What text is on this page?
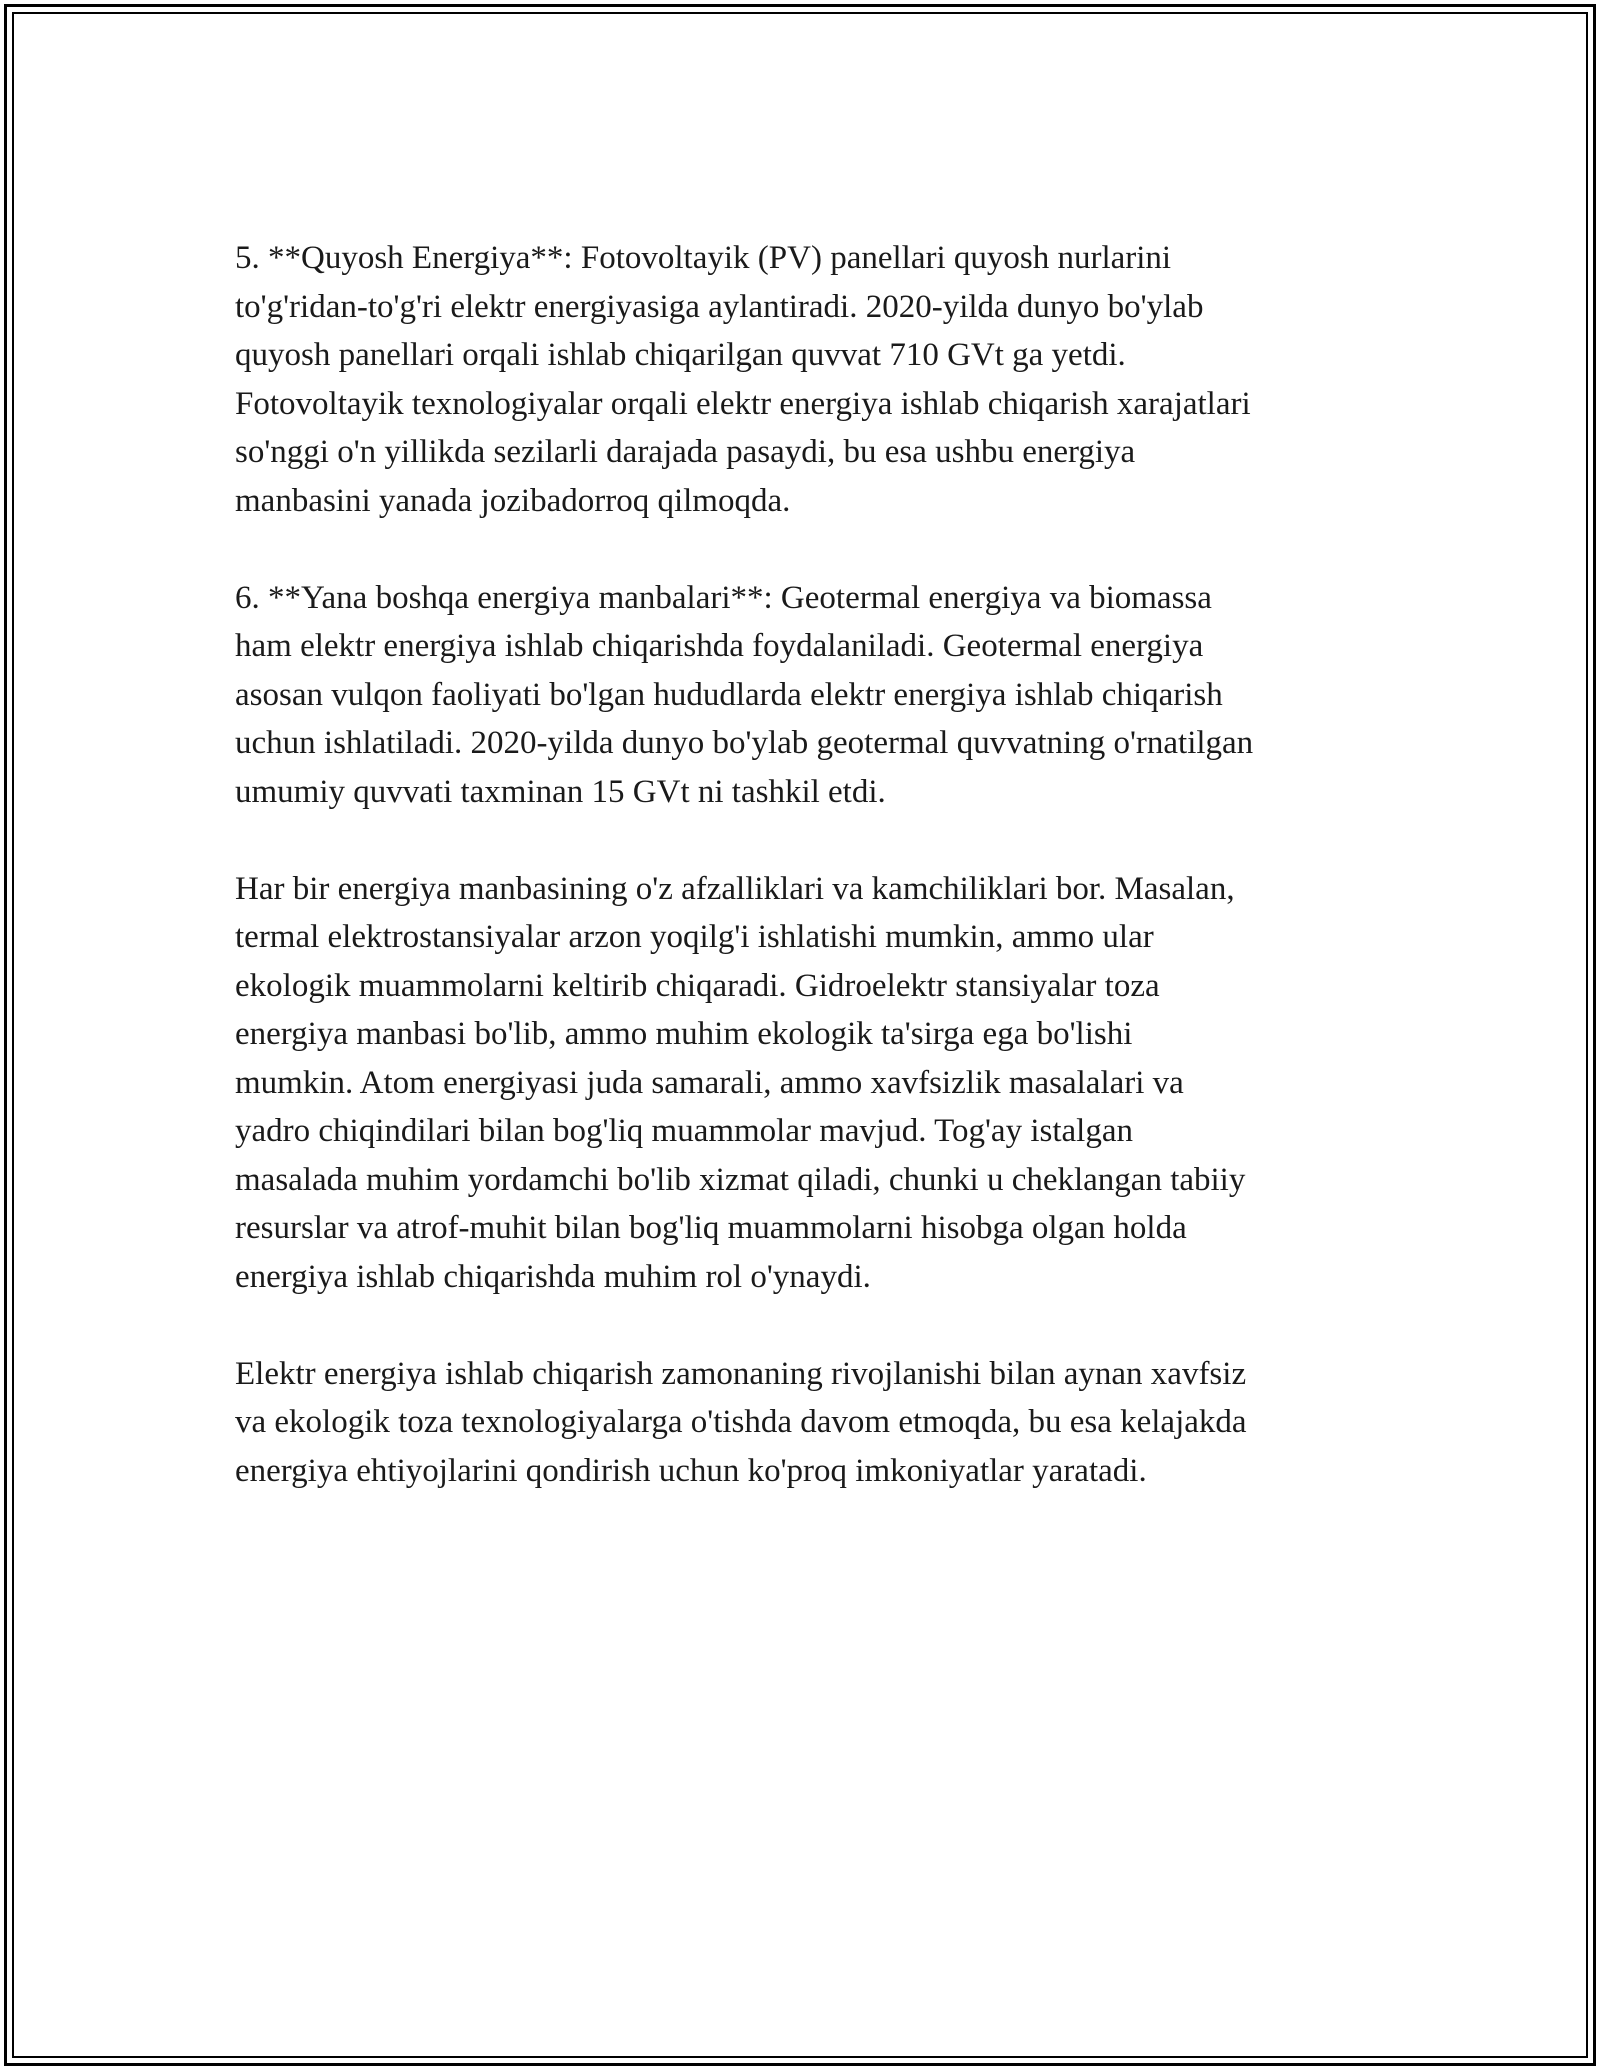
5. **Quyosh Energiya**: Fotovoltayik (PV) panellari quyosh nurlarini
to'g'ridan-to'g'ri elektr energiyasiga aylantiradi. 2020-yilda dunyo bo'ylab
quyosh panellari orqali ishlab chiqarilgan quvvat 710 GVt ga yetdi.
Fotovoltayik texnologiyalar orqali elektr energiya ishlab chiqarish xarajatlari
so'nggi o'n yillikda sezilarli darajada pasaydi, bu esa ushbu energiya
manbasini yanada jozibadorroq qilmoqda.

6. **Yana boshqa energiya manbalari**: Geotermal energiya va biomassa
ham elektr energiya ishlab chiqarishda foydalaniladi. Geotermal energiya
asosan vulqon faoliyati bo'lgan hududlarda elektr energiya ishlab chiqarish
uchun ishlatiladi. 2020-yilda dunyo bo'ylab geotermal quvvatning o'rnatilgan
umumiy quvvati taxminan 15 GVt ni tashkil etdi.

Har bir energiya manbasining o'z afzalliklari va kamchiliklari bor. Masalan,
termal elektrostansiyalar arzon yoqilg'i ishlatishi mumkin, ammo ular
ekologik muammolarni keltirib chiqaradi. Gidroelektr stansiyalar toza
energiya manbasi bo'lib, ammo muhim ekologik ta'sirga ega bo'lishi
mumkin. Atom energiyasi juda samarali, ammo xavfsizlik masalalari va
yadro chiqindilari bilan bog'liq muammolar mavjud. Tog'ay istalgan
masalada muhim yordamchi bo'lib xizmat qiladi, chunki u cheklangan tabiiy
resurslar va atrof-muhit bilan bog'liq muammolarni hisobga olgan holda
energiya ishlab chiqarishda muhim rol o'ynaydi.

Elektr energiya ishlab chiqarish zamonaning rivojlanishi bilan aynan xavfsiz
va ekologik toza texnologiyalarga o'tishda davom etmoqda, bu esa kelajakda
energiya ehtiyojlarini qondirish uchun ko'proq imkoniyatlar yaratadi.
